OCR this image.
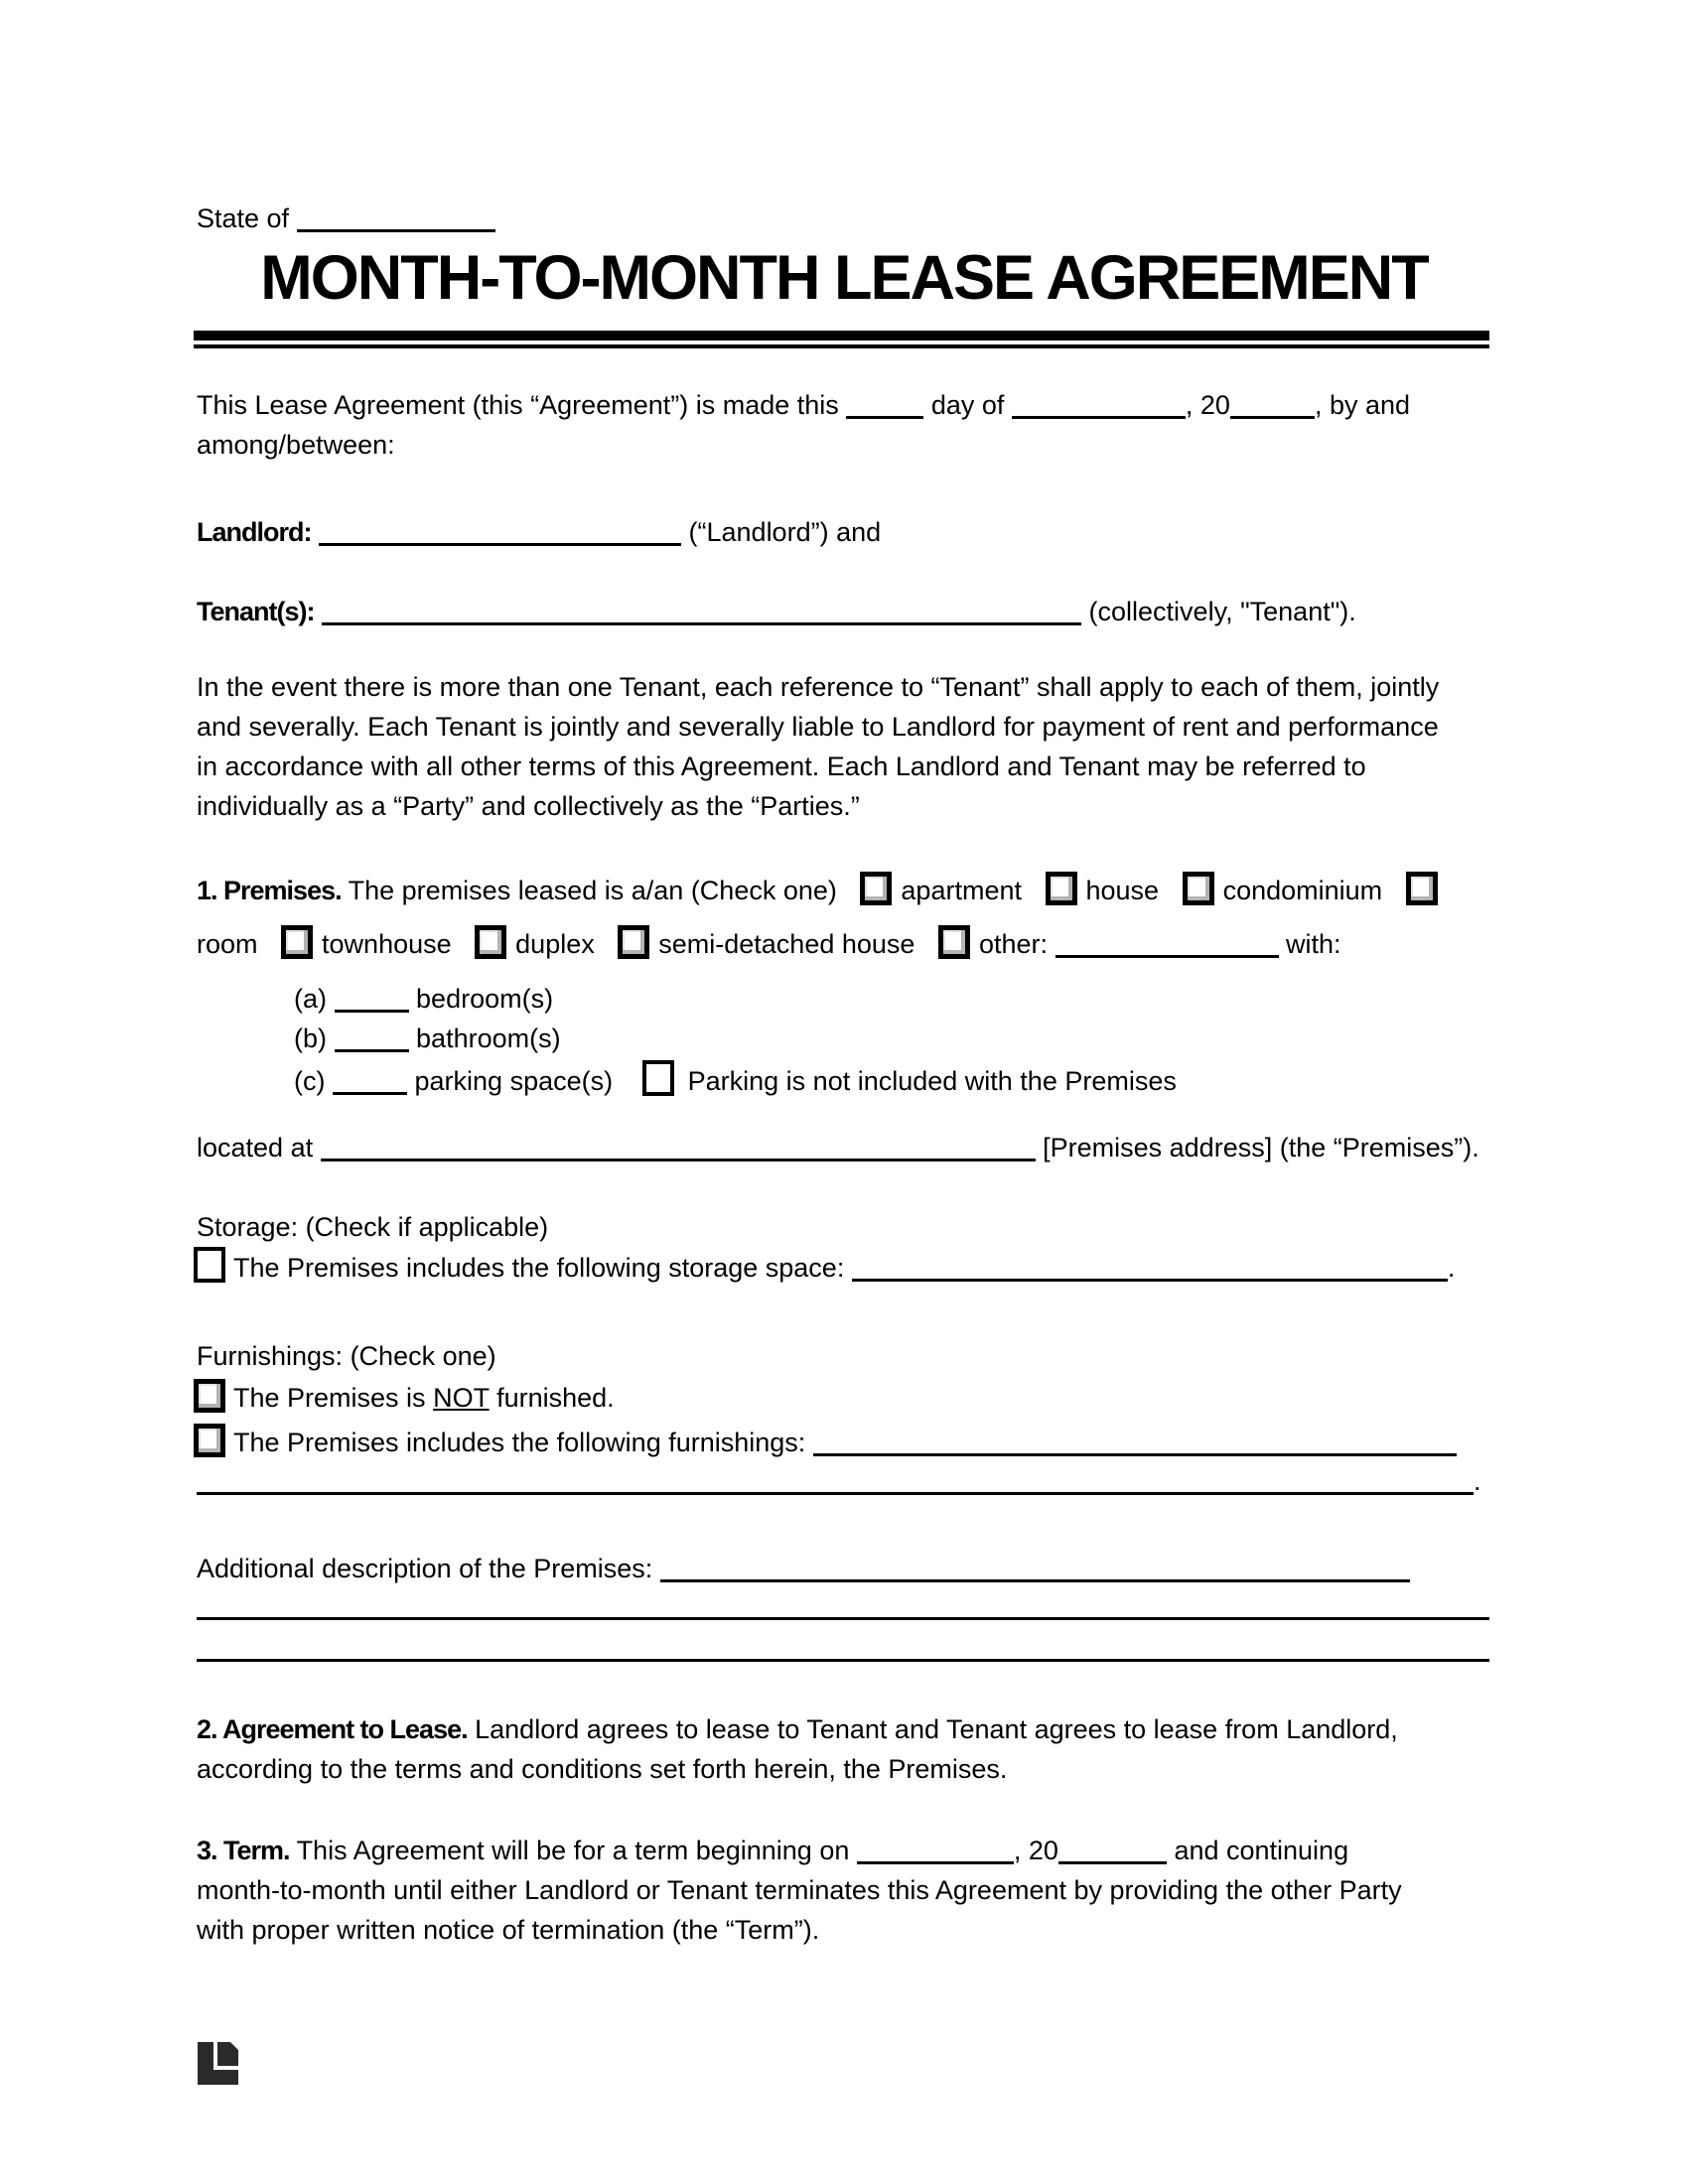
State of
MONTH-TO-MONTH LEASE AGREEMENT
This Lease Agreement (this “Agreement”) is made this	day of	, 20	, by and
among/between:
Landlord:	(“Landlord”) and
Tenant(s):	(collectively, "Tenant").
In the event there is more than one Tenant, each reference to “Tenant” shall apply to each of them, jointly
and severally. Each Tenant is jointly and severally liable to Landlord for payment of rent and performance
in accordance with all other terms of this Agreement. Each Landlord and Tenant may be referred to
individually as a “Party” and collectively as the “Parties.”
1. Premises. The premises leased is a/an (Check one) apartment house condominium
room townhouse duplex semi-detached house other:	with:
(a)	bedroom(s)
(b)	bathroom(s)
(c)	parking space(s)	Parking is not included with the Premises
located at	[Premises address] (the “Premises”).
Storage: (Check if applicable)
The Premises includes the following storage space:	.
Furnishings: (Check one)
The Premises is NOT furnished.
The Premises includes the following furnishings:
.
Additional description of the Premises:
2. Agreement to Lease. Landlord agrees to lease to Tenant and Tenant agrees to lease from Landlord,
according to the terms and conditions set forth herein, the Premises.
3. Term. This Agreement will be for a term beginning on	, 20	and continuing
month-to-month until either Landlord or Tenant terminates this Agreement by providing the other Party
with proper written notice of termination (the “Term”).
